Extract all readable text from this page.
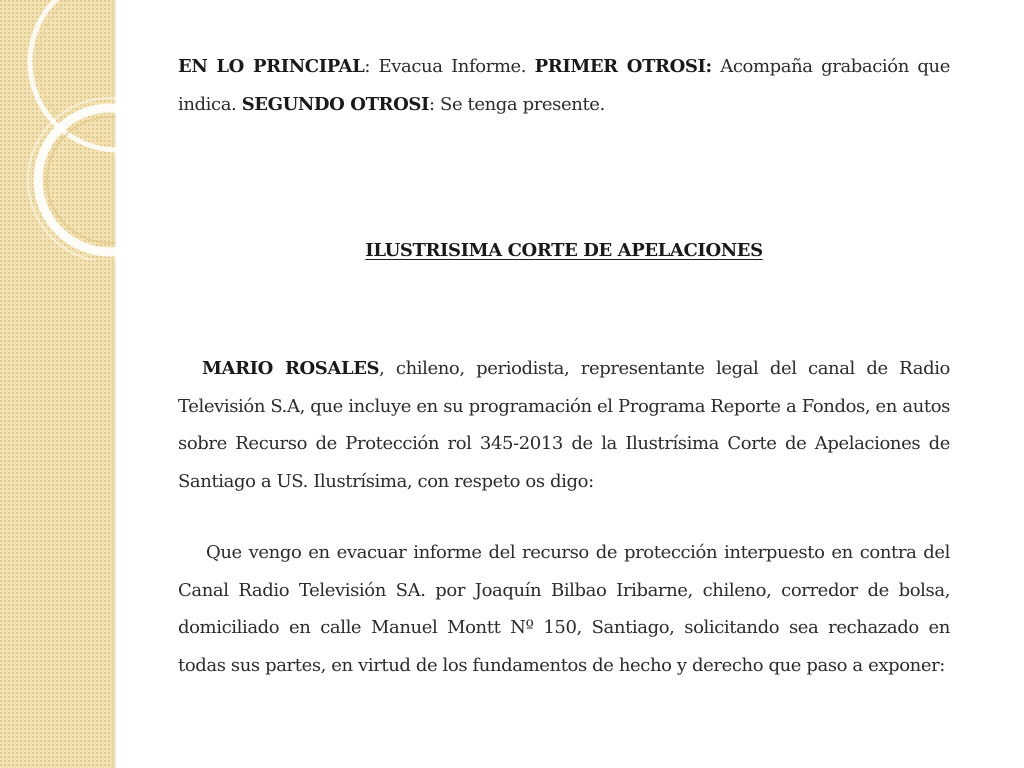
EN LO PRINCIPAL: Evacua Informe. PRIMER OTROSI: Acompaña grabación que indica. SEGUNDO OTROSI: Se tenga presente.

ILUSTRISIMA CORTE DE APELACIONES

MARIO ROSALES, chileno, periodista, representante legal del canal de Radio Televisión S.A, que incluye en su programación el Programa Reporte a Fondos, en autos sobre Recurso de Protección rol 345-2013 de la Ilustrísima Corte de Apelaciones de Santiago a US. Ilustrísima, con respeto os digo:

Que vengo en evacuar informe del recurso de protección interpuesto en contra del Canal Radio Televisión SA. por Joaquín Bilbao Iribarne, chileno, corredor de bolsa, domiciliado en calle Manuel Montt Nº 150, Santiago, solicitando sea rechazado en todas sus partes, en virtud de los fundamentos de hecho y derecho que paso a exponer:
